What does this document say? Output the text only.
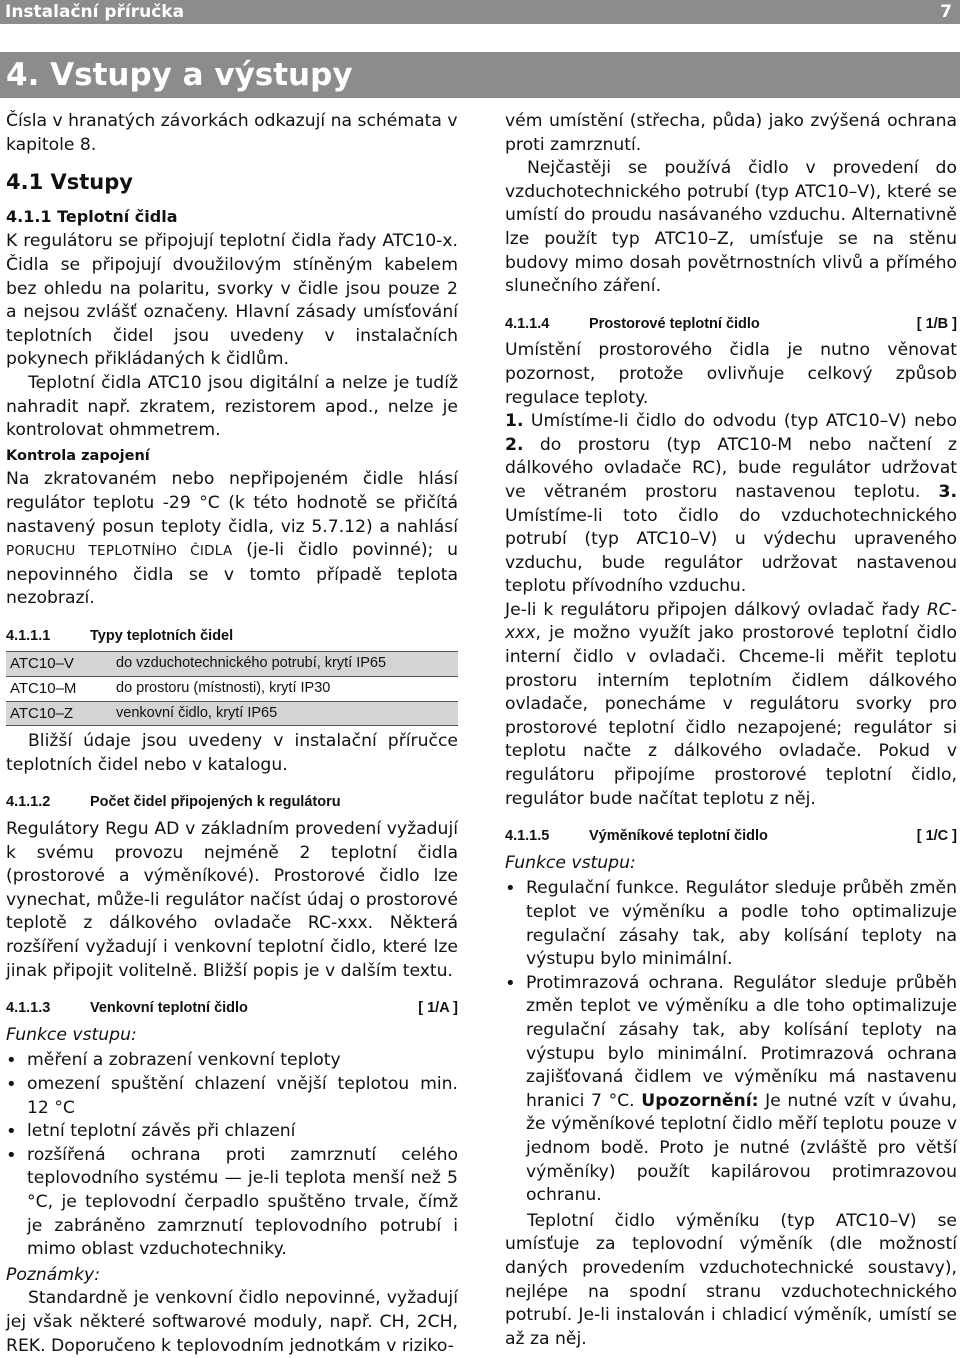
Instalační příručka	7
4. Vstupy a výstupy

Čísla v hranatých závorkách odkazují na schémata v kapitole 8.

4.1 Vstupy
4.1.1 Teplotní čidla

K regulátoru se připojují teplotní čidla řady ATC10-x. Čidla se připojují dvoužilovým stíněným kabelem bez ohledu na polaritu, svorky v čidle jsou pouze 2 a nejsou zvlášť označeny. Hlavní zásady umísťování teplotních čidel jsou uvedeny v instalačních pokynech přikládaných k čidlům.

Teplotní čidla ATC10 jsou digitální a nelze je tudíž nahradit např. zkratem, rezistorem apod., nelze je kontrolovat ohmmetrem.

Kontrola zapojení

Na zkratovaném nebo nepřipojeném čidle hlásí regulátor teplotu -29 °C (k této hodnotě se přičítá nastavený posun teploty čidla, viz 5.7.12) a nahlásí PORUCHU TEPLOTNÍHO ČIDLA (je-li čidlo povinné); u nepovinného čidla se v tomto případě teplota nezobrazí.

4.1.1.1	Typy teplotních čidel
ATC10–V	do vzduchotechnického potrubí, krytí IP65
ATC10–M	do prostoru (místnosti), krytí IP30
ATC10–Z	venkovní čidlo, krytí IP65

Bližší údaje jsou uvedeny v instalační příručce teplotních čidel nebo v katalogu.

4.1.1.2	Počet čidel připojených k regulátoru

Regulátory Regu AD v základním provedení vyžadují k svému provozu nejméně 2 teplotní čidla (prostorové a výměníkové). Prostorové čidlo lze vynechat, může-li regulátor načíst údaj o prostorové teplotě z dálkového ovladače RC-xxx. Některá rozšíření vyžadují i venkovní teplotní čidlo, které lze jinak připojit volitelně. Bližší popis je v dalším textu.

4.1.1.3	Venkovní teplotní čidlo	[ 1/A ]
Funkce vstupu:
• měření a zobrazení venkovní teploty
• omezení spuštění chlazení vnější teplotou min. 12 °C
• letní teplotní závěs při chlazení
• rozšířená ochrana proti zamrznutí celého teplovodního systému — je-li teplota menší než 5 °C, je teplovodní čerpadlo spuštěno trvale, čímž je zabráněno zamrznutí teplovodního potrubí i mimo oblast vzduchotechniky.
Poznámky:

Standardně je venkovní čidlo nepovinné, vyžadují jej však některé softwarové moduly, např. CH, 2CH, REK. Doporučeno k teplovodním jednotkám v riziko-

vém umístění (střecha, půda) jako zvýšená ochrana proti zamrznutí.

Nejčastěji se používá čidlo v provedení do vzduchotechnického potrubí (typ ATC10–V), které se umístí do proudu nasávaného vzduchu. Alternativně lze použít typ ATC10–Z, umísťuje se na stěnu budovy mimo dosah povětrnostních vlivů a přímého slunečního záření.

4.1.1.4	Prostorové teplotní čidlo	[ 1/B ]

Umístění prostorového čidla je nutno věnovat pozornost, protože ovlivňuje celkový způsob regulace teploty.

1. Umístíme-li čidlo do odvodu (typ ATC10–V) nebo 2. do prostoru (typ ATC10-M nebo načtení z dálkového ovladače RC), bude regulátor udržovat ve větraném prostoru nastavenou teplotu. 3. Umístíme-li toto čidlo do vzduchotechnického potrubí (typ ATC10–V) u výdechu upraveného vzduchu, bude regulátor udržovat nastavenou teplotu přívodního vzduchu.

Je-li k regulátoru připojen dálkový ovladač řady RC-xxx, je možno využít jako prostorové teplotní čidlo interní čidlo v ovladači. Chceme-li měřit teplotu prostoru interním teplotním čidlem dálkového ovladače, ponecháme v regulátoru svorky pro prostorové teplotní čidlo nezapojené; regulátor si teplotu načte z dálkového ovladače. Pokud v regulátoru připojíme prostorové teplotní čidlo, regulátor bude načítat teplotu z něj.

4.1.1.5	Výměníkové teplotní čidlo	[ 1/C ]
Funkce vstupu:
• Regulační funkce. Regulátor sleduje průběh změn teplot ve výměníku a podle toho optimalizuje regulační zásahy tak, aby kolísání teploty na výstupu bylo minimální.
• Protimrazová ochrana. Regulátor sleduje průběh změn teplot ve výměníku a dle toho optimalizuje regulační zásahy tak, aby kolísání teploty na výstupu bylo minimální. Protimrazová ochrana zajišťovaná čidlem ve výměníku má nastavenu hranici 7 °C. Upozornění: Je nutné vzít v úvahu, že výměníkové teplotní čidlo měří teplotu pouze v jednom bodě. Proto je nutné (zvláště pro větší výměníky) použít kapilárovou protimrazovou ochranu.

Teplotní čidlo výměníku (typ ATC10–V) se umísťuje za teplovodní výměník (dle možností daných provedením vzduchotechnické soustavy), nejlépe na spodní stranu vzduchotechnického potrubí. Je-li instalován i chladicí výměník, umístí se až za něj.
